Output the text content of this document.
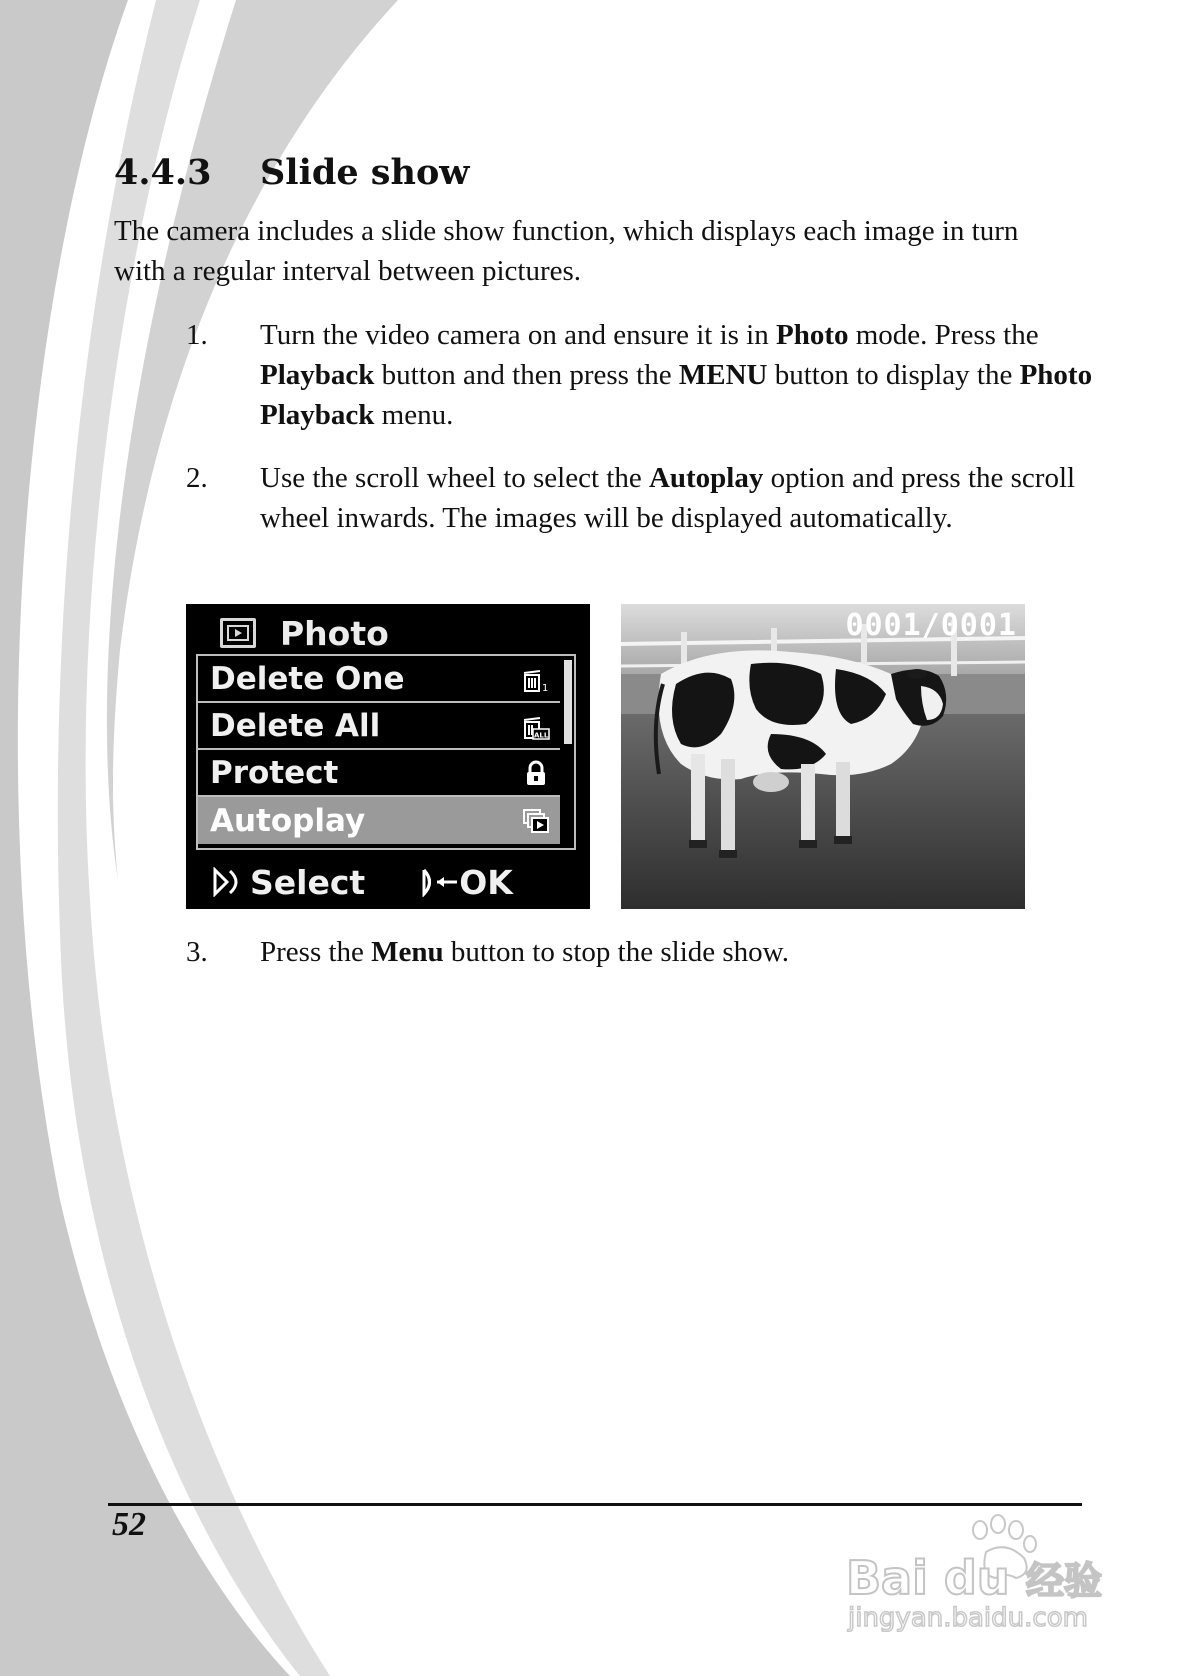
4.4.3 Slide show

The camera includes a slide show function, which displays each image in turn with a regular interval between pictures.

1. Turn the video camera on and ensure it is in Photo mode. Press the Playback button and then press the MENU button to display the Photo Playback menu.
2. Use the scroll wheel to select the Autoplay option and press the scroll wheel inwards. The images will be displayed automatically.
Photo
Delete One	1
Delete All	ALL
Protect
Autoplay
Select	OK
0001/0001
3. Press the Menu button to stop the slide show.
52
Bai du 经验
jingyan.baidu.com
